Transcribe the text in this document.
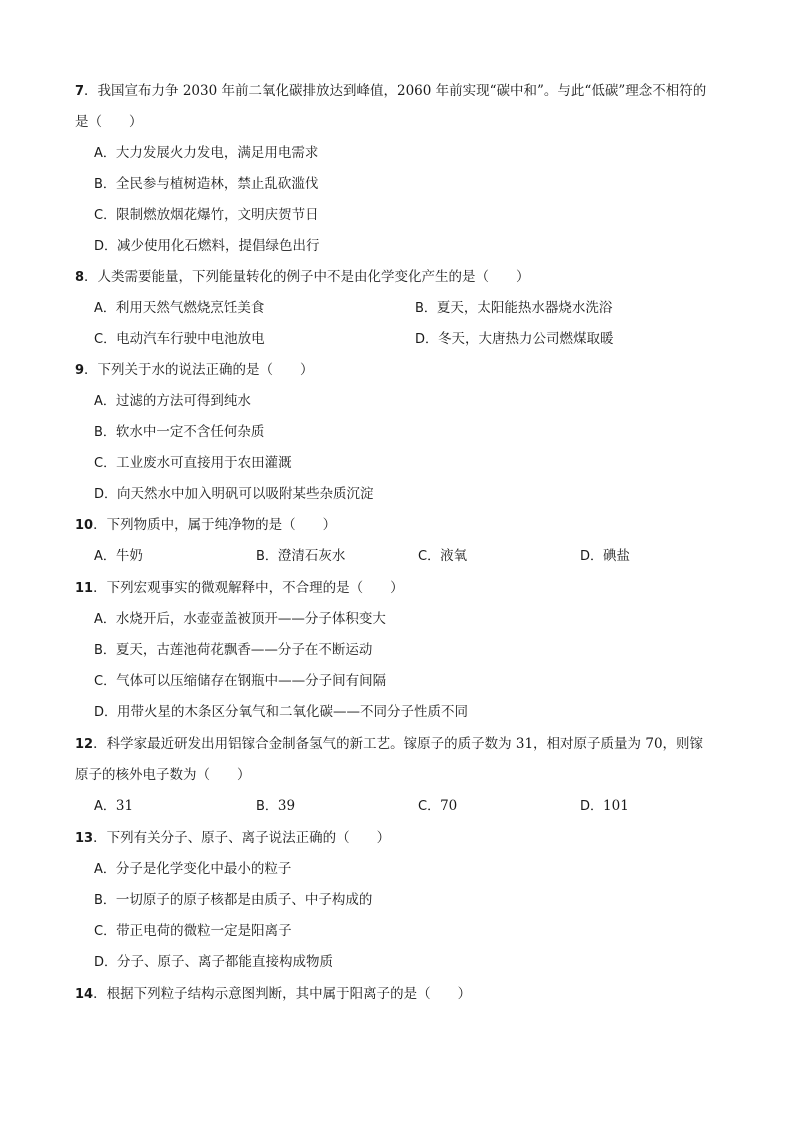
7．我国宣布力争 2030 年前二氧化碳排放达到峰值，2060 年前实现“碳中和”。与此“低碳”理念不相符的
是（　　）
A．大力发展火力发电，满足用电需求
B．全民参与植树造林，禁止乱砍滥伐
C．限制燃放烟花爆竹，文明庆贺节日
D．减少使用化石燃料，提倡绿色出行
8．人类需要能量，下列能量转化的例子中不是由化学变化产生的是（　　）
A．利用天然气燃烧烹饪美食	B．夏天，太阳能热水器烧水洗浴
C．电动汽车行驶中电池放电	D．冬天，大唐热力公司燃煤取暖
9．下列关于水的说法正确的是（　　）
A．过滤的方法可得到纯水
B．软水中一定不含任何杂质
C．工业废水可直接用于农田灌溉
D．向天然水中加入明矾可以吸附某些杂质沉淀
10．下列物质中，属于纯净物的是（　　）
A．牛奶	B．澄清石灰水	C．液氧	D．碘盐
11．下列宏观事实的微观解释中，不合理的是（　　）
A．水烧开后，水壶壶盖被顶开——分子体积变大
B．夏天，古莲池荷花飘香——分子在不断运动
C．气体可以压缩储存在钢瓶中——分子间有间隔
D．用带火星的木条区分氧气和二氧化碳——不同分子性质不同
12．科学家最近研发出用铝镓合金制备氢气的新工艺。镓原子的质子数为 31，相对原子质量为 70，则镓
原子的核外电子数为（　　）
A．31	B．39	C．70	D．101
13．下列有关分子、原子、离子说法正确的（　　）
A．分子是化学变化中最小的粒子
B．一切原子的原子核都是由质子、中子构成的
C．带正电荷的微粒一定是阳离子
D．分子、原子、离子都能直接构成物质
14．根据下列粒子结构示意图判断，其中属于阳离子的是（　　）
